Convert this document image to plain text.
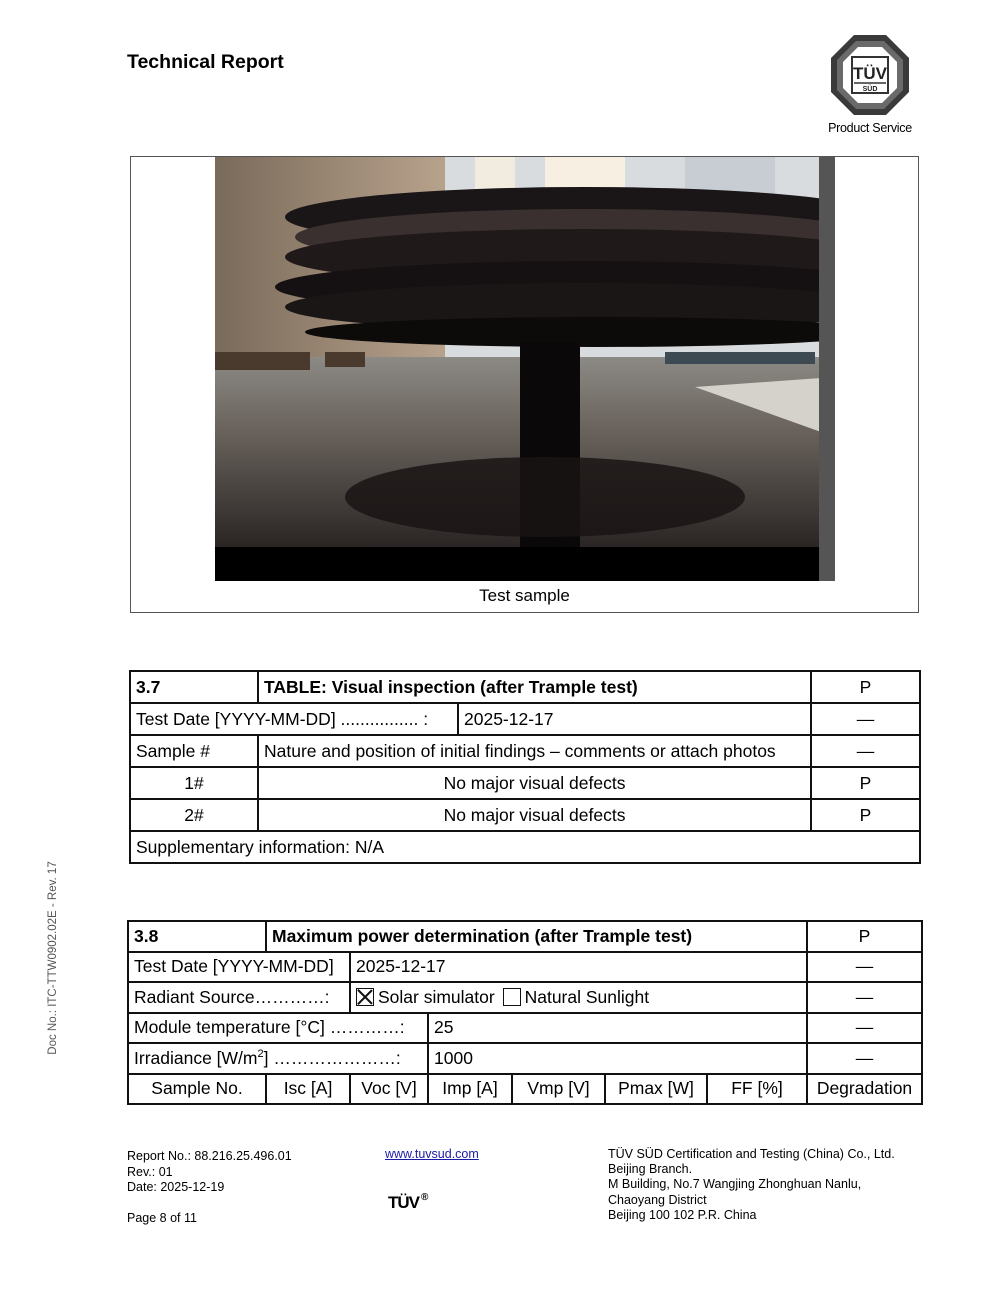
Technical Report
TÜV
SÜD
Product Service
Test sample
3.7	TABLE: Visual inspection (after Trample test)		P
Test Date [YYYY-MM-DD] ................ :		2025-12-17	—
Sample #	Nature and position of initial findings – comments or attach photos		—
1#	No major visual defects		P
2#	No major visual defects		P
Supplementary information: N/A			
3.8	Maximum power determination (after Trample test)						P
Test Date [YYYY-MM-DD]		2025-12-17					—
Radiant Source…………:		Solar simulator Natural Sunlight					—
Module temperature [°C] …………:			25				—
Irradiance $[W/m^2]$ …………………:			1000				—
Sample No.	Isc [A]	Voc [V]	Imp [A]	Vmp [V]	Pmax [W]	FF [%]	Degradation
Doc No.: ITC-TTW0902.02E - Rev. 17
Report No.: 88.216.25.496.01
Rev.: 01
Date: 2025-12-19
Page 8 of 11
www.tuvsud.com
TÜV ®
TÜV SÜD Certification and Testing (China) Co., Ltd.
Beijing Branch.
M Building, No.7 Wangjing Zhonghuan Nanlu,
Chaoyang District
Beijing 100 102 P.R. China
